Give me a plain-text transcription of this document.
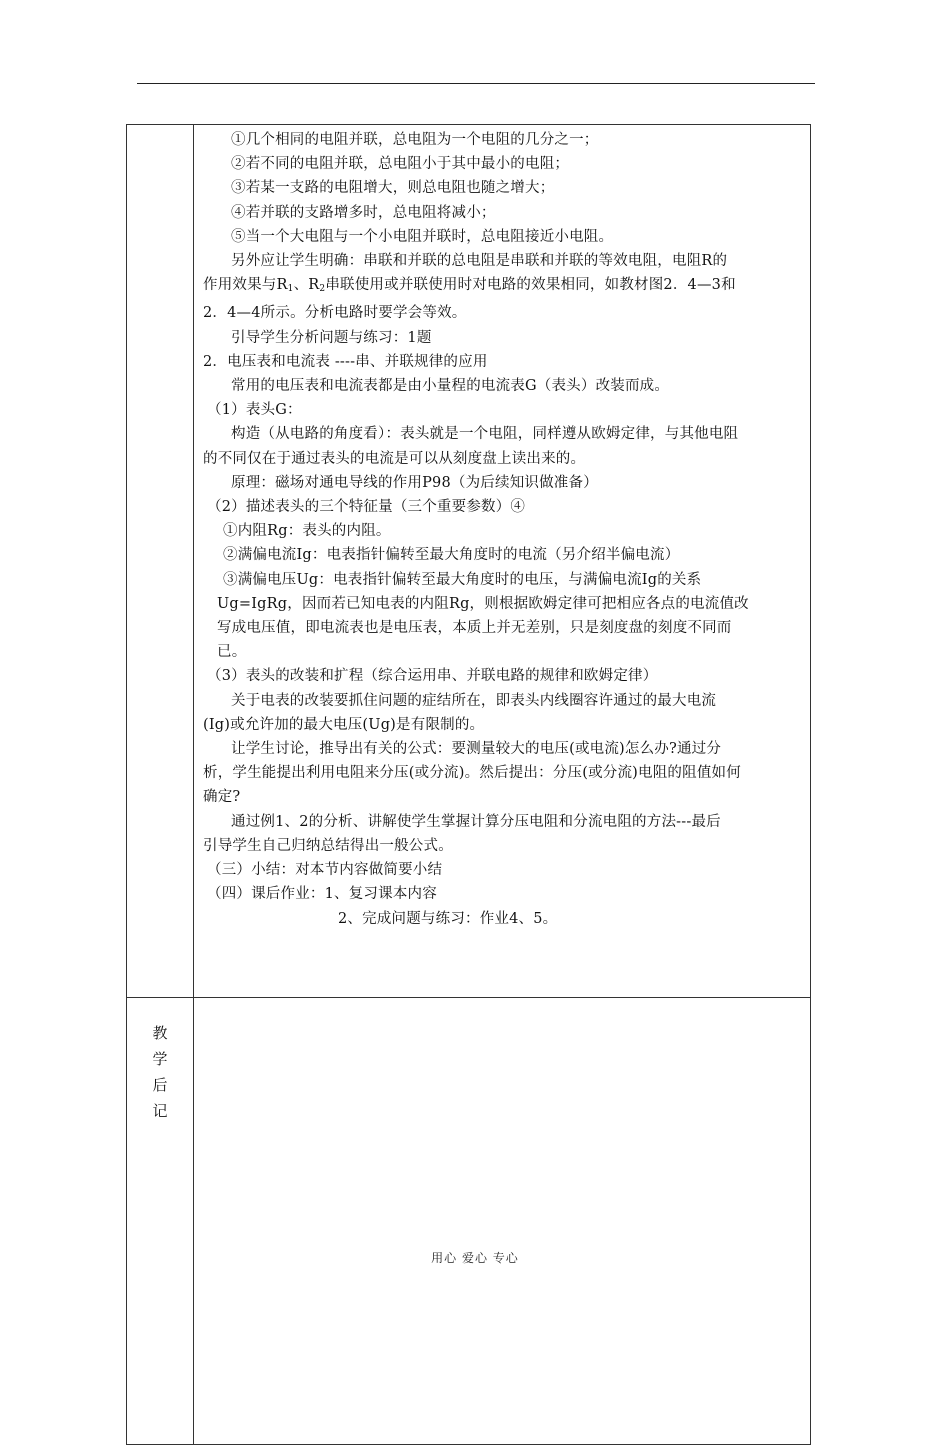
①几个相同的电阻并联，总电阻为一个电阻的几分之一；

②若不同的电阻并联，总电阻小于其中最小的电阻；

③若某一支路的电阻增大，则总电阻也随之增大；

④若并联的支路增多时，总电阻将减小；

⑤当一个大电阻与一个小电阻并联时，总电阻接近小电阻。

另外应让学生明确：串联和并联的总电阻是串联和并联的等效电阻，电阻R的

作用效果与$R_1$、$R_2$串联使用或并联使用时对电路的效果相同，如教材图2．4—3和

2．4—4所示。分析电路时要学会等效。

引导学生分析问题与练习：1题

2．电压表和电流表 ----串、并联规律的应用

常用的电压表和电流表都是由小量程的电流表G（表头）改装而成。

（1）表头G：

构造（从电路的角度看）：表头就是一个电阻，同样遵从欧姆定律，与其他电阻

的不同仅在于通过表头的电流是可以从刻度盘上读出来的。

原理：磁场对通电导线的作用P98（为后续知识做准备）

（2）描述表头的三个特征量（三个重要参数）④

①内阻Rg：表头的内阻。

②满偏电流Ig：电表指针偏转至最大角度时的电流（另介绍半偏电流）

③满偏电压Ug：电表指针偏转至最大角度时的电压，与满偏电流Ig的关系

Ug=IgRg，因而若已知电表的内阻Rg，则根据欧姆定律可把相应各点的电流值改

写成电压值，即电流表也是电压表，本质上并无差别，只是刻度盘的刻度不同而

已。

（3）表头的改装和扩程（综合运用串、并联电路的规律和欧姆定律）

关于电表的改装要抓住问题的症结所在，即表头内线圈容许通过的最大电流

(Ig)或允许加的最大电压(Ug)是有限制的。

让学生讨论，推导出有关的公式：要测量较大的电压(或电流)怎么办?通过分

析，学生能提出利用电阻来分压(或分流)。然后提出：分压(或分流)电阻的阻值如何

确定?

通过例1、2的分析、讲解使学生掌握计算分压电阻和分流电阻的方法---最后

引导学生自己归纳总结得出一般公式。

（三）小结：对本节内容做简要小结

（四）课后作业：1、复习课本内容

2、完成问题与练习：作业4、5。

教
学
后
记
用心 爱心 专心
